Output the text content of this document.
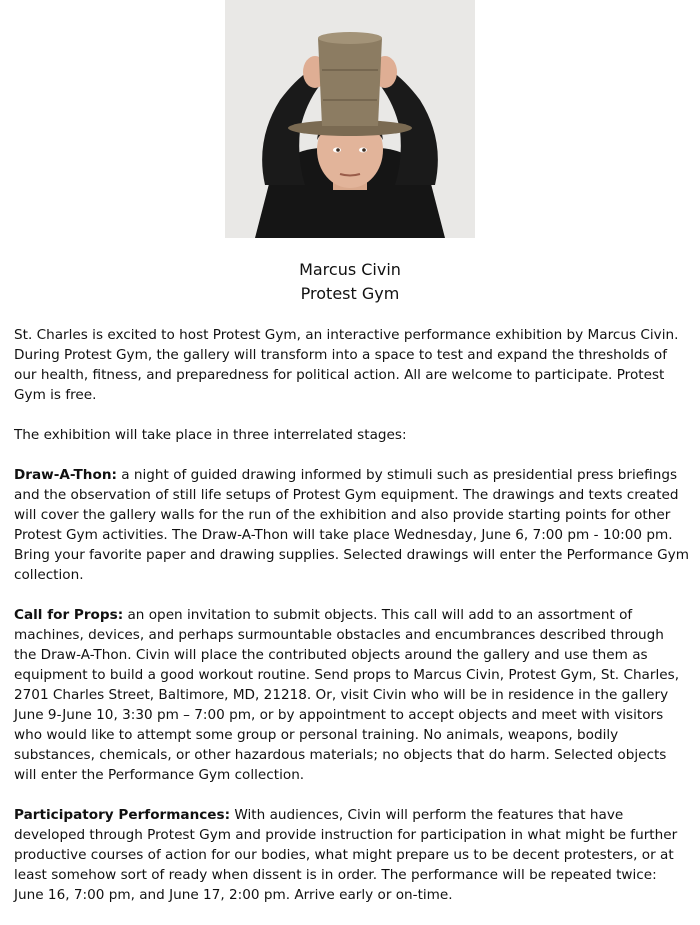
Marcus Civin
Protest Gym

St. Charles is excited to host Protest Gym, an interactive performance exhibition by Marcus Civin. During Protest Gym, the gallery will transform into a space to test and expand the thresholds of our health, fitness, and preparedness for political action. All are welcome to participate. Protest Gym is free.

The exhibition will take place in three interrelated stages:

Draw-A-Thon: a night of guided drawing informed by stimuli such as presidential press briefings and the observation of still life setups of Protest Gym equipment. The drawings and texts created will cover the gallery walls for the run of the exhibition and also provide starting points for other Protest Gym activities. The Draw-A-Thon will take place Wednesday, June 6, 7:00 pm - 10:00 pm. Bring your favorite paper and drawing supplies. Selected drawings will enter the Performance Gym collection.

Call for Props: an open invitation to submit objects. This call will add to an assortment of machines, devices, and perhaps surmountable obstacles and encumbrances described through the Draw-A-Thon. Civin will place the contributed objects around the gallery and use them as equipment to build a good workout routine. Send props to Marcus Civin, Protest Gym, St. Charles, 2701 Charles Street, Baltimore, MD, 21218. Or, visit Civin who will be in residence in the gallery June 9-June 10, 3:30 pm – 7:00 pm, or by appointment to accept objects and meet with visitors who would like to attempt some group or personal training. No animals, weapons, bodily substances, chemicals, or other hazardous materials; no objects that do harm. Selected objects will enter the Performance Gym collection.

Participatory Performances: With audiences, Civin will perform the features that have developed through Protest Gym and provide instruction for participation in what might be further productive courses of action for our bodies, what might prepare us to be decent protesters, or at least somehow sort of ready when dissent is in order. The performance will be repeated twice: June 16, 7:00 pm, and June 17, 2:00 pm. Arrive early or on-time.
